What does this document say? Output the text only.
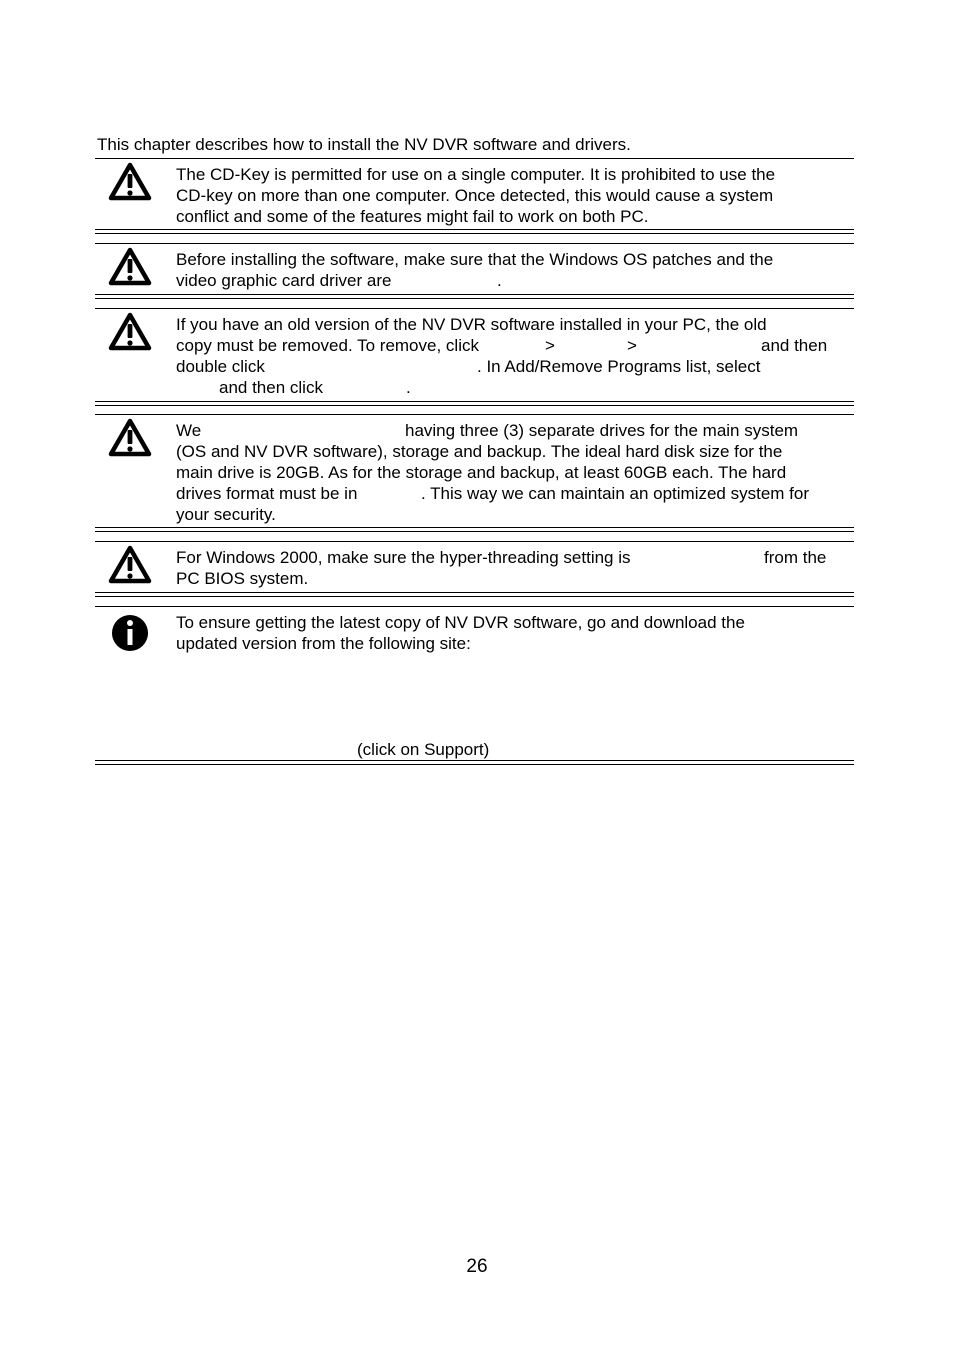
This chapter describes how to install the NV DVR software and drivers.
The CD-Key is permitted for use on a single computer. It is prohibited to use the
CD-key on more than one computer. Once detected, this would cause a system
conflict and some of the features might fail to work on both PC.
Before installing the software, make sure that the Windows OS patches and the
video graphic card driver are	.
If you have an old version of the NV DVR software installed in your PC, the old
copy must be removed. To remove, click	>	>	and then
double click	. In Add/Remove Programs list, select
and then click	.
We	having three (3) separate drives for the main system
(OS and NV DVR software), storage and backup. The ideal hard disk size for the
main drive is 20GB. As for the storage and backup, at least 60GB each. The hard
drives format must be in	. This way we can maintain an optimized system for
your security.
For Windows 2000, make sure the hyper-threading setting is	from the
PC BIOS system.
To ensure getting the latest copy of NV DVR software, go and download the
updated version from the following site:
(click on Support)
26
